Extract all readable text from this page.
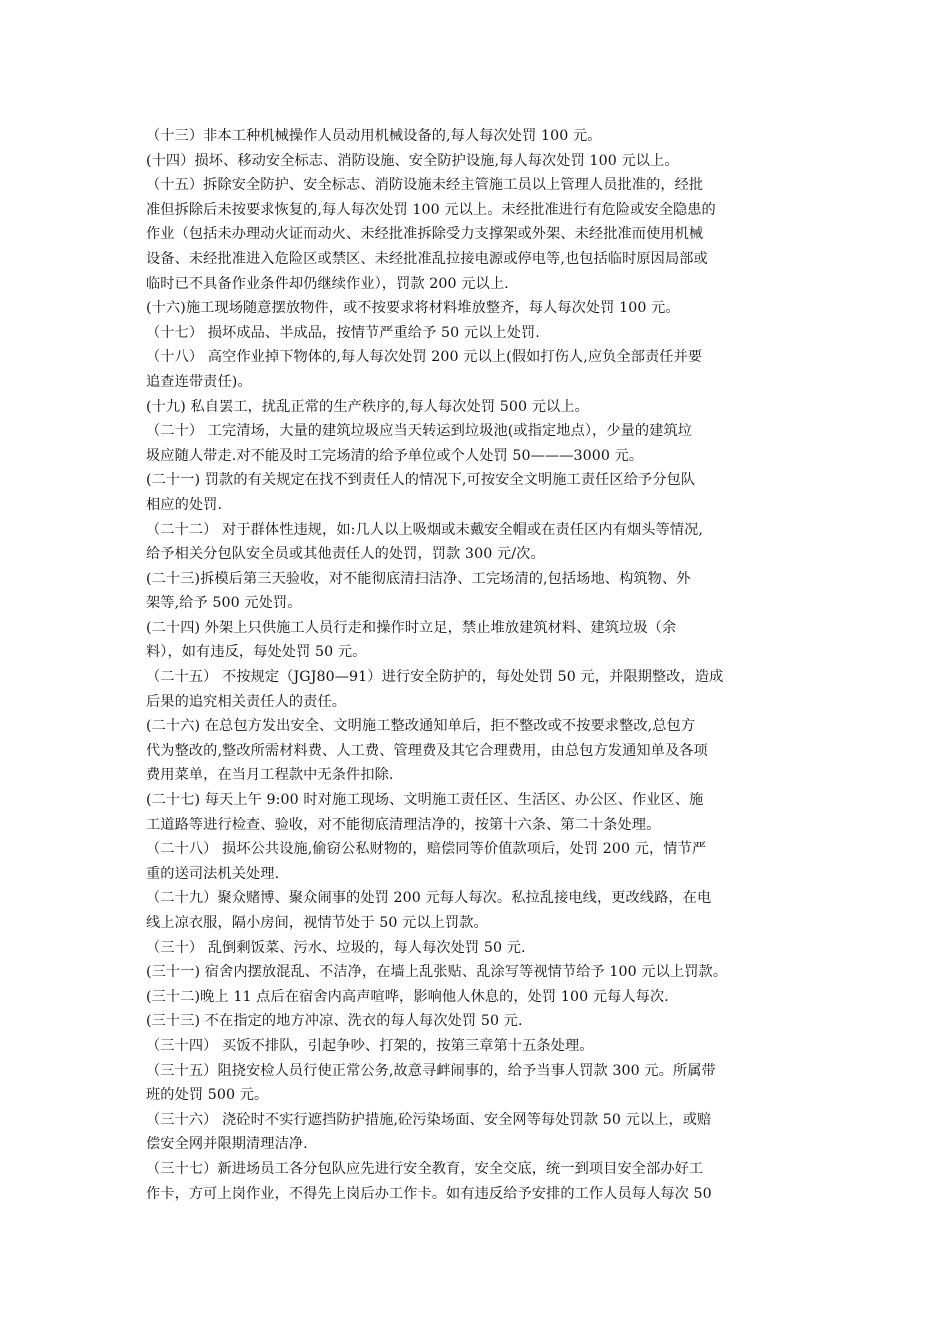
（十三）非本工种机械操作人员动用机械设备的,每人每次处罚 100 元。
(十四）损坏、移动安全标志、消防设施、安全防护设施,每人每次处罚 100 元以上。
（十五）拆除安全防护、安全标志、消防设施未经主管施工员以上管理人员批准的，经批
准但拆除后未按要求恢复的,每人每次处罚 100 元以上。未经批准进行有危险或安全隐患的
作业（包括未办理动火证而动火、未经批准拆除受力支撑架或外架、未经批准而使用机械
设备、未经批准进入危险区或禁区、未经批准乱拉接电源或停电等,也包括临时原因局部或
临时已不具备作业条件却仍继续作业），罚款 200 元以上.
(十六)施工现场随意摆放物件，或不按要求将材料堆放整齐，每人每次处罚 100 元。
（十七） 损坏成品、半成品，按情节严重给予 50 元以上处罚.
（十八） 高空作业掉下物体的,每人每次处罚 200 元以上(假如打伤人,应负全部责任并要
追查连带责任)。
(十九) 私自罢工，扰乱正常的生产秩序的,每人每次处罚 500 元以上。
（二十） 工完清场，大量的建筑垃圾应当天转运到垃圾池(或指定地点），少量的建筑垃
圾应随人带走.对不能及时工完场清的给予单位或个人处罚 50———3000 元。
(二十一) 罚款的有关规定在找不到责任人的情况下,可按安全文明施工责任区给予分包队
相应的处罚.
（二十二） 对于群体性违规，如:几人以上吸烟或未戴安全帽或在责任区内有烟头等情况,
给予相关分包队安全员或其他责任人的处罚，罚款 300 元/次。
(二十三)拆模后第三天验收，对不能彻底清扫洁净、工完场清的,包括场地、构筑物、外
架等,给予 500 元处罚。
(二十四) 外架上只供施工人员行走和操作时立足，禁止堆放建筑材料、建筑垃圾（余
料），如有违反，每处处罚 50 元。
（二十五） 不按规定（JGJ80—91）进行安全防护的，每处处罚 50 元，并限期整改，造成
后果的追究相关责任人的责任。
(二十六) 在总包方发出安全、文明施工整改通知单后，拒不整改或不按要求整改,总包方
代为整改的,整改所需材料费、人工费、管理费及其它合理费用，由总包方发通知单及各项
费用菜单，在当月工程款中无条件扣除.
(二十七) 每天上午 9:00 时对施工现场、文明施工责任区、生活区、办公区、作业区、施
工道路等进行检查、验收，对不能彻底清理洁净的，按第十六条、第二十条处理。
（二十八） 损坏公共设施,偷窃公私财物的，赔偿同等价值款项后，处罚 200 元，情节严
重的送司法机关处理.
（二十九）聚众赌博、聚众闹事的处罚 200 元每人每次。私拉乱接电线，更改线路，在电
线上凉衣服，隔小房间，视情节处于 50 元以上罚款。
（三十） 乱倒剩饭菜、污水、垃圾的，每人每次处罚 50 元.
(三十一) 宿舍内摆放混乱、不洁净，在墙上乱张贴、乱涂写等视情节给予 100 元以上罚款。
(三十二)晚上 11 点后在宿舍内高声喧哗，影响他人休息的，处罚 100 元每人每次.
(三十三) 不在指定的地方冲凉、洗衣的每人每次处罚 50 元.
（三十四） 买饭不排队，引起争吵、打架的，按第三章第十五条处理。
（三十五）阻挠安检人员行使正常公务,故意寻衅闹事的，给予当事人罚款 300 元。所属带
班的处罚 500 元。
（三十六） 浇砼时不实行遮挡防护措施,砼污染场面、安全网等每处罚款 50 元以上，或赔
偿安全网并限期清理洁净.
（三十七）新进场员工各分包队应先进行安全教育，安全交底，统一到项目安全部办好工
作卡，方可上岗作业，不得先上岗后办工作卡。如有违反给予安排的工作人员每人每次 50
